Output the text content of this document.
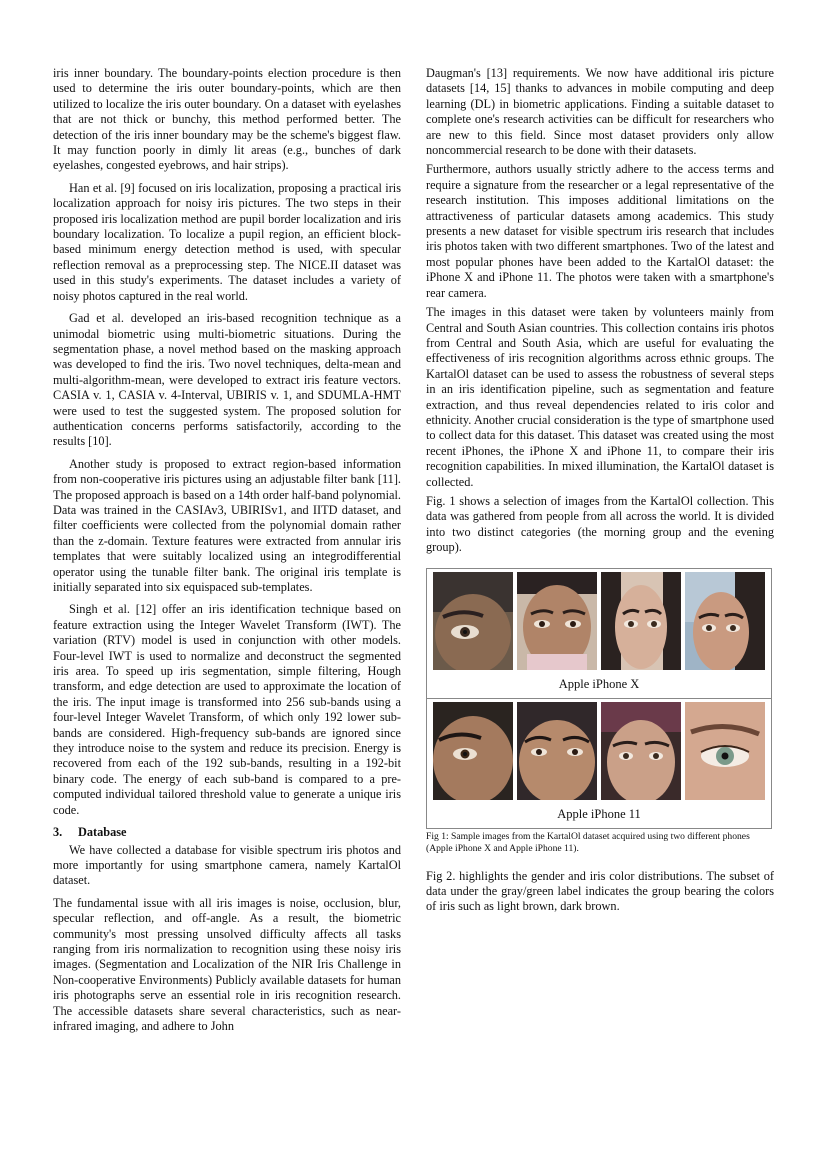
iris inner boundary. The boundary-points election procedure is then used to determine the iris outer boundary-points, which are then utilized to localize the iris outer boundary. On a dataset with eyelashes that are not thick or bunchy, this method performed better. The detection of the iris inner boundary may be the scheme's biggest flaw. It may function poorly in dimly lit areas (e.g., bunches of dark eyelashes, congested eyebrows, and hair strips).

Han et al. [9] focused on iris localization, proposing a practical iris localization approach for noisy iris pictures. The two steps in their proposed iris localization method are pupil border localization and iris boundary localization. To localize a pupil region, an efficient block-based minimum energy detection method is used, with specular reflection removal as a preprocessing step. The NICE.II dataset was used in this study's experiments. The dataset includes a variety of noisy photos captured in the real world.

Gad et al. developed an iris-based recognition technique as a unimodal biometric using multi-biometric situations. During the segmentation phase, a novel method based on the masking approach was developed to find the iris. Two novel techniques, delta-mean and multi-algorithm-mean, were developed to extract iris feature vectors. CASIA v. 1, CASIA v. 4-Interval, UBIRIS v. 1, and SDUMLA-HMT were used to test the suggested system. The proposed solution for authentication concerns performs satisfactorily, according to the results [10].

Another study is proposed to extract region-based information from non-cooperative iris pictures using an adjustable filter bank [11]. The proposed approach is based on a 14th order half-band polynomial. Data was trained in the CASIAv3, UBIRISv1, and IITD dataset, and filter coefficients were collected from the polynomial domain rather than the z-domain. Texture features were extracted from annular iris templates that were suitably localized using an integrodifferential operator using the tunable filter bank. The original iris template is initially separated into six equispaced sub-templates.

Singh et al. [12] offer an iris identification technique based on feature extraction using the Integer Wavelet Transform (IWT). The variation (RTV) model is used in conjunction with other models. Four-level IWT is used to normalize and deconstruct the segmented iris area. To speed up iris segmentation, simple filtering, Hough transform, and edge detection are used to approximate the location of the iris. The input image is transformed into 256 sub-bands using a four-level Integer Wavelet Transform, of which only 192 lower sub-bands are considered. High-frequency sub-bands are ignored since they introduce noise to the system and reduce its precision. Energy is recovered from each of the 192 sub-bands, resulting in a 192-bit binary code. The energy of each sub-band is compared to a pre-computed individual tailored threshold value to generate a unique iris code.

3. Database

We have collected a database for visible spectrum iris photos and more importantly for using smartphone camera, namely KartalOl dataset.

The fundamental issue with all iris images is noise, occlusion, blur, specular reflection, and off-angle. As a result, the biometric community's most pressing unsolved difficulty affects all tasks ranging from iris normalization to recognition using these noisy iris images. (Segmentation and Localization of the NIR Iris Challenge in Non-cooperative Environments) Publicly available datasets for human iris photographs serve an essential role in iris recognition research. The accessible datasets share several characteristics, such as near-infrared imaging, and adhere to John

Daugman's [13] requirements. We now have additional iris picture datasets [14, 15] thanks to advances in mobile computing and deep learning (DL) in biometric applications. Finding a suitable dataset to complete one's research activities can be difficult for researchers who are new to this field. Since most dataset providers only allow noncommercial research to be done with their datasets.

Furthermore, authors usually strictly adhere to the access terms and require a signature from the researcher or a legal representative of the research institution. This imposes additional limitations on the attractiveness of particular datasets among academics. This study presents a new dataset for visible spectrum iris research that includes iris photos taken with two different smartphones. Two of the latest and most popular phones have been added to the KartalOl dataset: the iPhone X and iPhone 11. The photos were taken with a smartphone's rear camera.

The images in this dataset were taken by volunteers mainly from Central and South Asian countries. This collection contains iris photos from Central and South Asia, which are useful for evaluating the effectiveness of iris recognition algorithms across ethnic groups. The KartalOl dataset can be used to assess the robustness of several steps in an iris identification pipeline, such as segmentation and feature extraction, and thus reveal dependencies related to iris color and ethnicity. Another crucial consideration is the type of smartphone used to collect data for this dataset. This dataset was created using the most recent iPhones, the iPhone X and iPhone 11, to compare their iris recognition capabilities. In mixed illumination, the KartalOl dataset is collected.

Fig. 1 shows a selection of images from the KartalOl collection. This data was gathered from people from all across the world. It is divided into two distinct categories (the morning group and the evening group).

Apple iPhone X
Apple iPhone 11
Fig 1: Sample images from the KartalOl dataset acquired using two different phones (Apple iPhone X and Apple iPhone 11).

Fig 2. highlights the gender and iris color distributions. The subset of data under the gray/green label indicates the group bearing the colors of iris such as light brown, dark brown.
